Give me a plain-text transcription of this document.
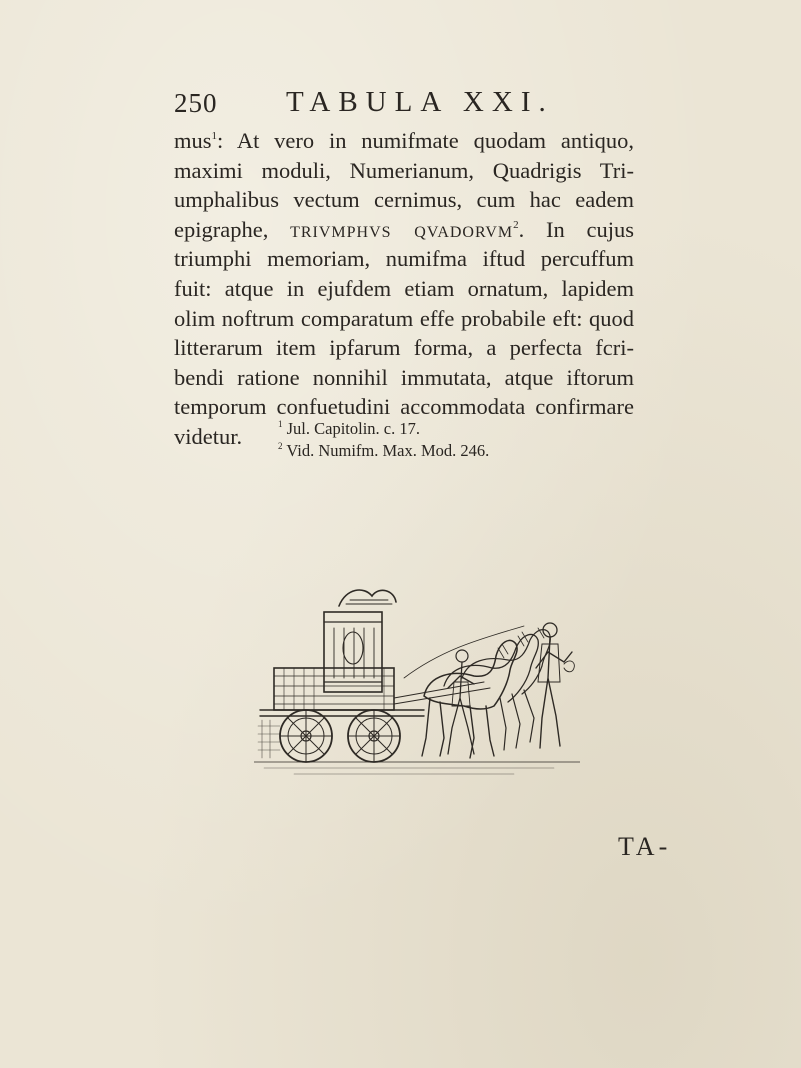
250 TABULA XXI.
mus$^1$: At vero in numifmate quodam antiquo,
maximi moduli, Numerianum, Quadrigis Tri-
umphalibus vectum cernimus, cum hac eadem
epigraphe, trivmphvs qvadorvm$^2$. In cujus
triumphi memoriam, numifma iftud percuffum
fuit: atque in ejufdem etiam ornatum, lapidem
olim noftrum comparatum effe probabile eft: quod
litterarum item ipfarum forma, a perfecta fcri-
bendi ratione nonnihil immutata, atque iftorum
temporum confuetudini accommodata confirmare
videtur.	$^1$ Jul. Capitolin. c. 17.
$^2$ Vid. Numifm. Max. Mod. 246.
TA-
